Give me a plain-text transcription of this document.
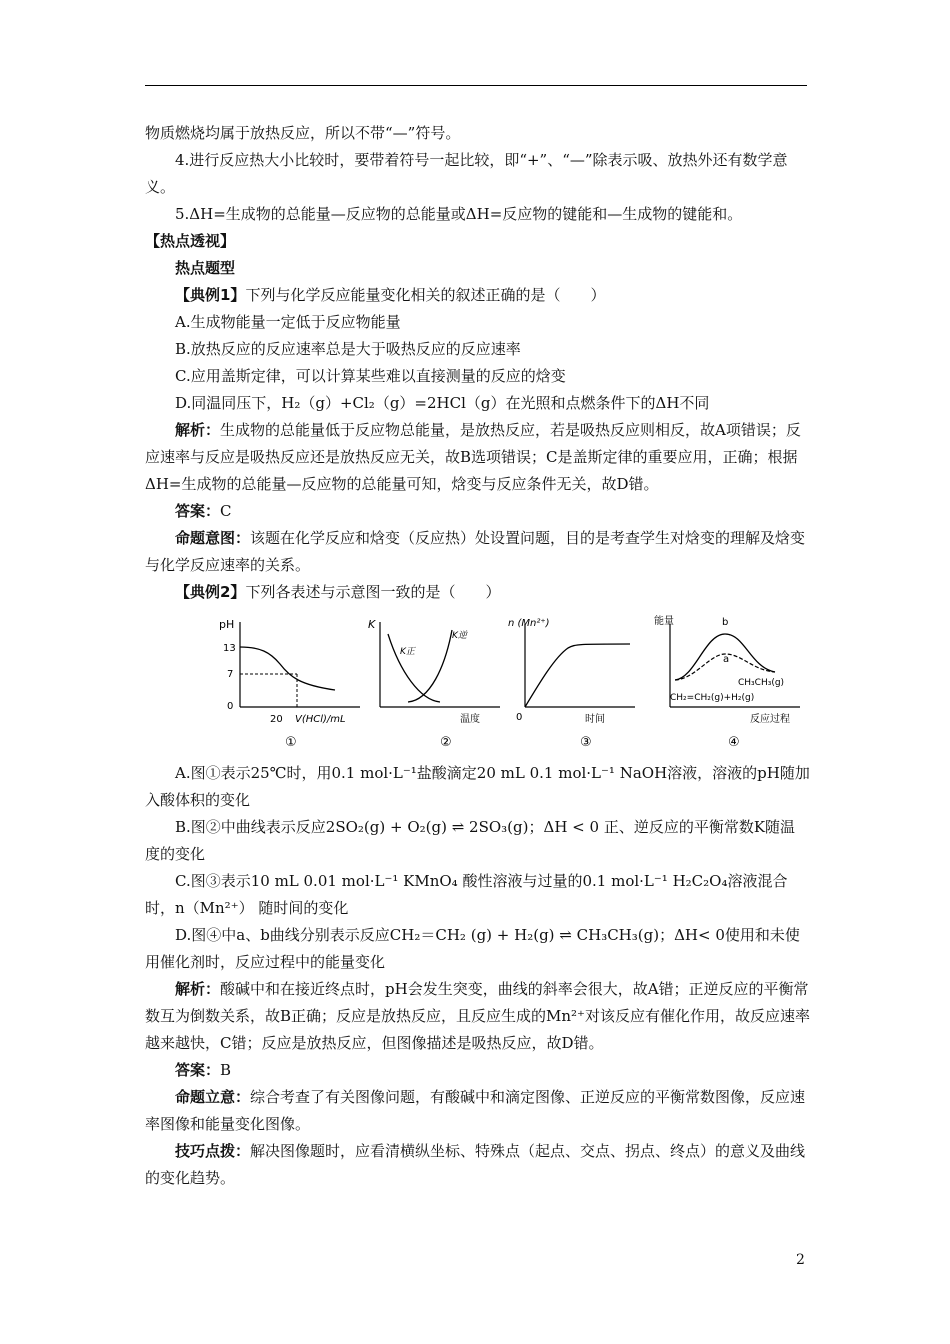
物质燃烧均属于放热反应，所以不带“—”符号。

4.进行反应热大小比较时，要带着符号一起比较，即“+”、“—”除表示吸、放热外还有数学意义。

5.ΔH=生成物的总能量—反应物的总能量或ΔH=反应物的键能和—生成物的键能和。

【热点透视】

热点题型

【典例1】下列与化学反应能量变化相关的叙述正确的是（　　）

A.生成物能量一定低于反应物能量

B.放热反应的反应速率总是大于吸热反应的反应速率

C.应用盖斯定律，可以计算某些难以直接测量的反应的焓变

D.同温同压下，H₂（g）+Cl₂（g）=2HCl（g）在光照和点燃条件下的ΔH不同

解析：生成物的总能量低于反应物总能量，是放热反应，若是吸热反应则相反，故A项错误；反应速率与反应是吸热反应还是放热反应无关，故B选项错误；C是盖斯定律的重要应用，正确；根据ΔH=生成物的总能量—反应物的总能量可知，焓变与反应条件无关，故D错。

答案：C

命题意图：该题在化学反应和焓变（反应热）处设置问题，目的是考查学生对焓变的理解及焓变与化学反应速率的关系。

【典例2】下列各表述与示意图一致的是（　　）

pH
13
7
0
20 V(HCl)/mL
①
K
K正
K逆
温度
②
n (Mn²⁺)
0	时间
③
能量	b
a
CH₃CH₃(g)
CH₂=CH₂(g)+H₂(g)
反应过程
④

A.图①表示25℃时，用0.1 mol·L⁻¹盐酸滴定20 mL 0.1 mol·L⁻¹ NaOH溶液，溶液的pH随加入酸体积的变化

B.图②中曲线表示反应2SO₂(g) + O₂(g) ⇌ 2SO₃(g)；ΔH < 0 正、逆反应的平衡常数K随温度的变化

C.图③表示10 mL 0.01 mol·L⁻¹ KMnO₄ 酸性溶液与过量的0.1 mol·L⁻¹ H₂C₂O₄溶液混合时，n（Mn²⁺） 随时间的变化

D.图④中a、b曲线分别表示反应CH₂＝CH₂ (g) + H₂(g) ⇌ CH₃CH₃(g)；ΔH< 0使用和未使用催化剂时，反应过程中的能量变化

解析：酸碱中和在接近终点时，pH会发生突变，曲线的斜率会很大，故A错；正逆反应的平衡常数互为倒数关系，故B正确；反应是放热反应，且反应生成的Mn²⁺对该反应有催化作用，故反应速率越来越快，C错；反应是放热反应，但图像描述是吸热反应，故D错。

答案：B

命题立意：综合考查了有关图像问题，有酸碱中和滴定图像、正逆反应的平衡常数图像，反应速率图像和能量变化图像。

技巧点拨：解决图像题时，应看清横纵坐标、特殊点（起点、交点、拐点、终点）的意义及曲线的变化趋势。

2
